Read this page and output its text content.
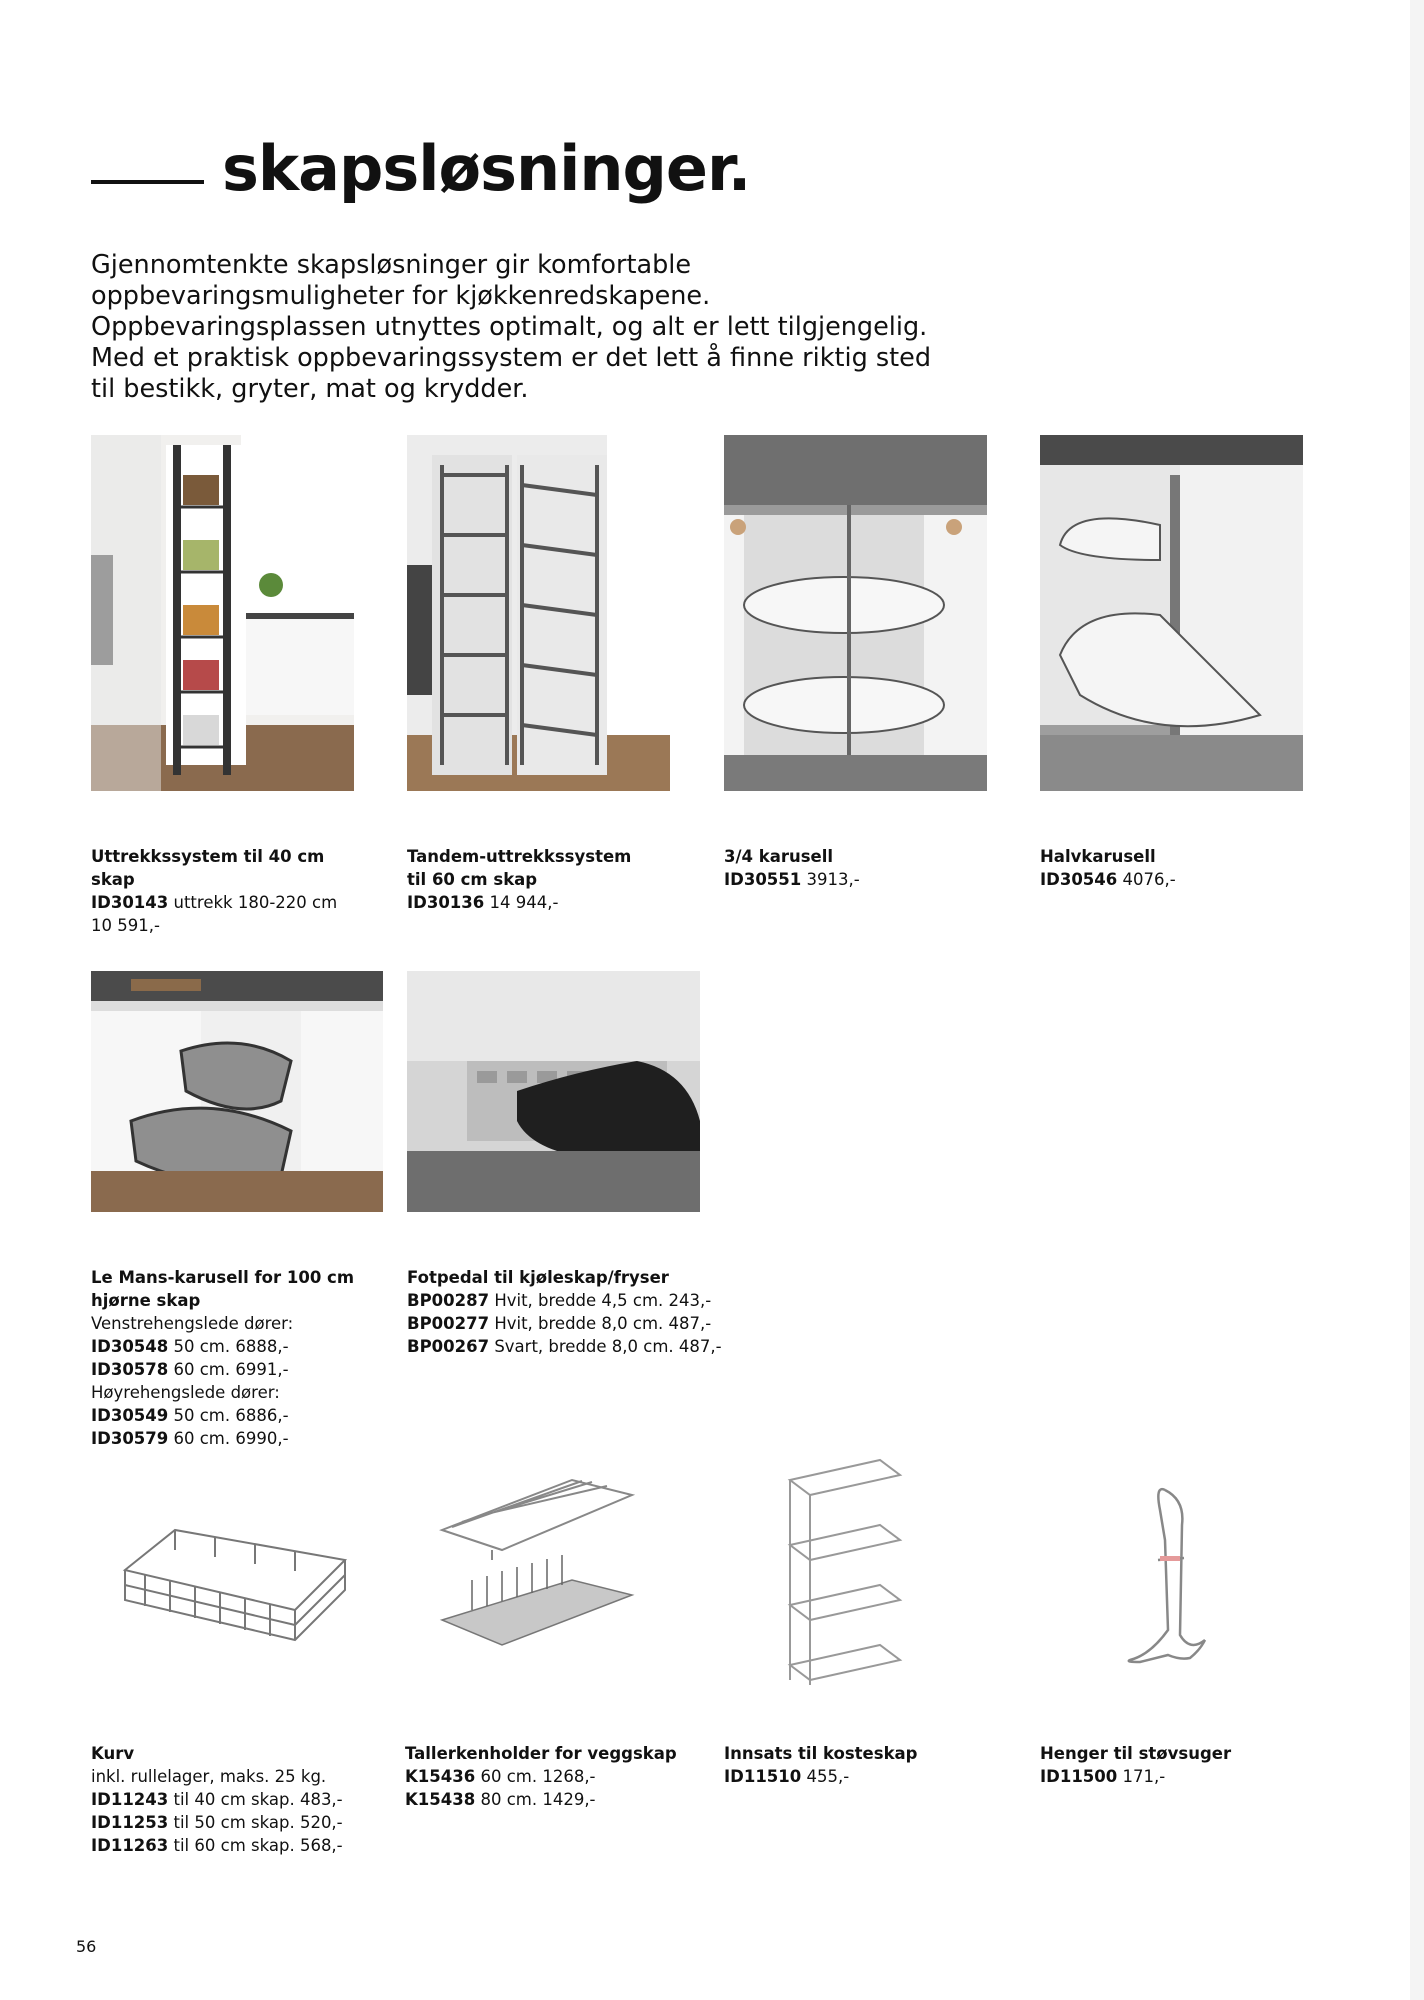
skapsløsninger.

Gjennomtenkte skapsløsninger gir komfortable oppbevaringsmuligheter for kjøkkenredskapene. Oppbevaringsplassen utnyttes optimalt, og alt er lett tilgjengelig. Med et praktisk oppbevaringssystem er det lett å finne riktig sted til bestikk, gryter, mat og krydder.

Uttrekkssystem til 40 cm skap
ID30143 uttrekk 180-220 cm 10 591,-
Tandem-uttrekkssystem til 60 cm skap
ID30136 14 944,-
3/4 karusell
ID30551 3913,-
Halvkarusell
ID30546 4076,-
Le Mans-karusell for 100 cm hjørne skap
Venstrehengslede dører:
ID30548 50 cm. 6888,-
ID30578 60 cm. 6991,-
Høyrehengslede dører:
ID30549 50 cm. 6886,-
ID30579 60 cm. 6990,-
Fotpedal til kjøleskap/fryser
BP00287 Hvit, bredde 4,5 cm. 243,-
BP00277 Hvit, bredde 8,0 cm. 487,-
BP00267 Svart, bredde 8,0 cm. 487,-
Kurv
inkl. rullelager, maks. 25 kg.
ID11243 til 40 cm skap. 483,-
ID11253 til 50 cm skap. 520,-
ID11263 til 60 cm skap. 568,-
Tallerkenholder for veggskap
K15436 60 cm. 1268,-
K15438 80 cm. 1429,-
Innsats til kosteskap
ID11510 455,-
Henger til støvsuger
ID11500 171,-
56
